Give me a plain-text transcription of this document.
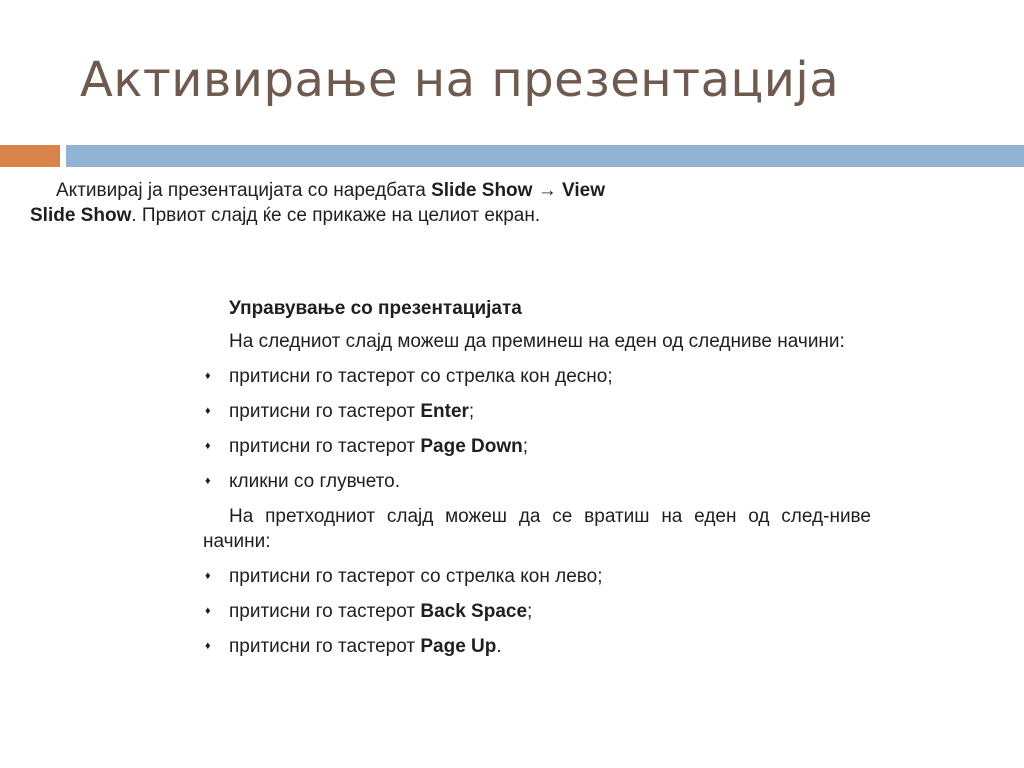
Активирање на презентација

Активирај ја презентацијата со наредбата Slide Show → View

Slide Show. Првиот слајд ќе се прикаже на целиот екран.

Управување со презентацијата

На следниот слајд можеш да преминеш на еден од следниве начини:

♦ притисни го тастерот со стрелка кон десно;
♦ притисни го тастерот Enter;
♦ притисни го тастерот Page Down;
♦ кликни со глувчето.

На претходниот слајд можеш да се вратиш на еден од след-ниве начини:

♦ притисни го тастерот со стрелка кон лево;
♦ притисни го тастерот Back Space;
♦ притисни го тастерот Page Up.
